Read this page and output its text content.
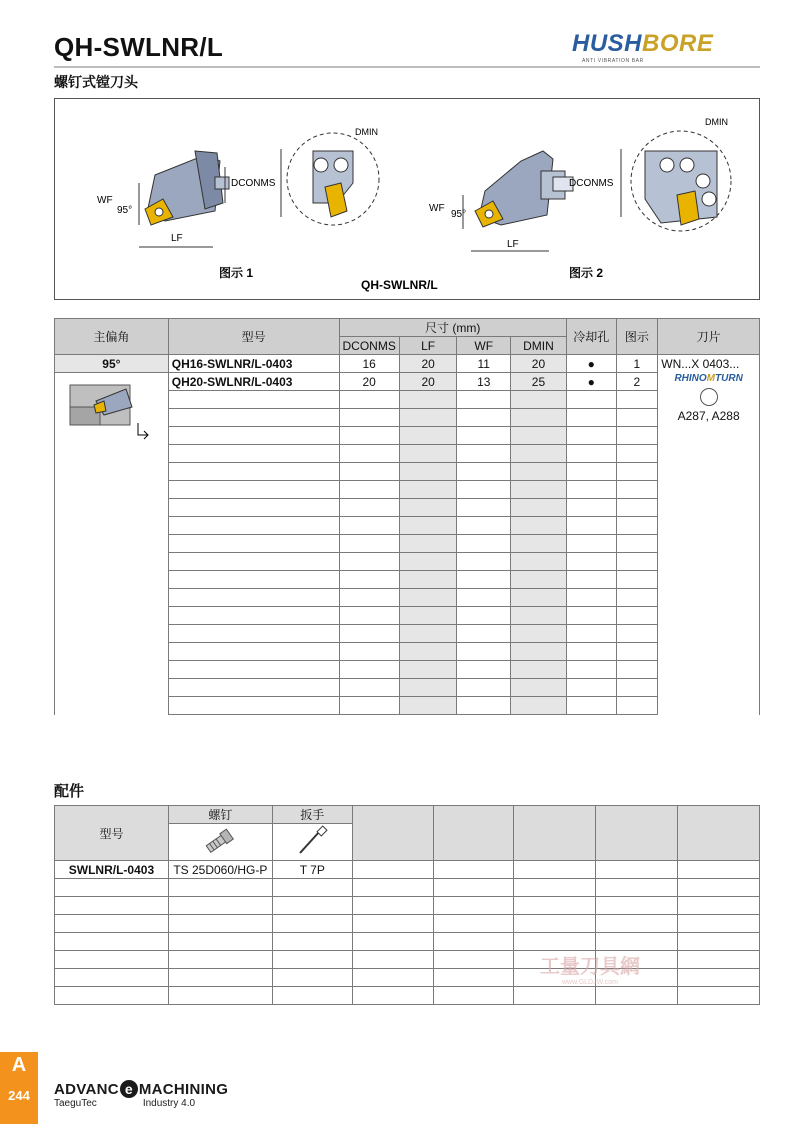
QH-SWLNR/L	HUSHBORE
ANTI VIBRATION BAR
螺钉式镗刀头
WF
95°
DCONMS
LF
DMIN
图示 1
WF
95°
DCONMS
LF
DMIN
图示 2
QH-SWLNR/L
主偏角	型号	尺寸 (mm)				冷却孔	图示	刀片
		DCONMS	LF	WF	DMIN			
95°	QH16-SWLNR/L-0403	16	20	11	20	●	1	WN...X 0403...
	QH20-SWLNR/L-0403	20	20	13	25	●	2	RHINOMTURN
A287, A288

配件
型号	螺钉	扳手					

SWLNR/L-0403	TS 25D060/HG-P	T 7P					

工量刀具網
www.GLDJW.com
A
244	ADVANC e MACHINING
TaeguTec	Industry 4.0
